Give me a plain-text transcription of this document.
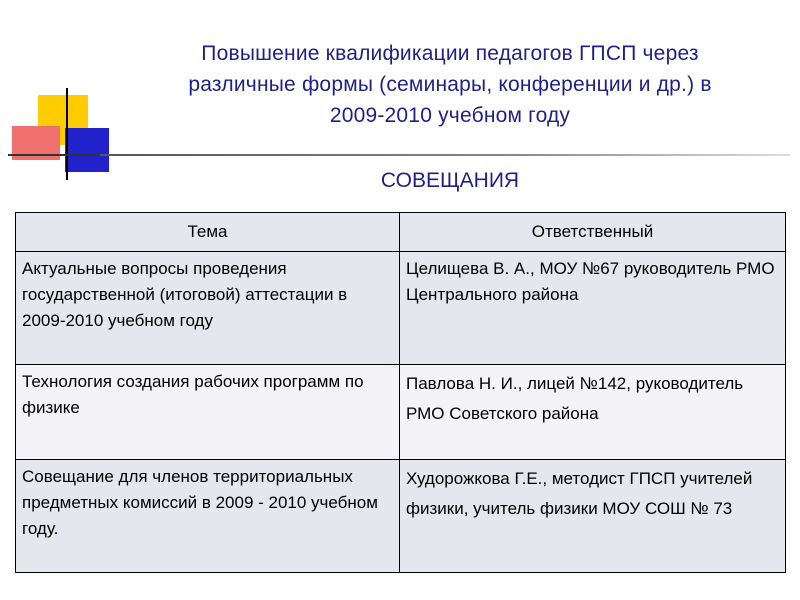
Повышение квалификации педагогов ГПСП через
различные формы (семинары, конференции и др.) в
2009-2010 учебном году
СОВЕЩАНИЯ
Тема	Ответственный
Актуальные вопросы проведения государственной (итоговой) аттестации в 2009-2010 учебном году	Целищева В. А., МОУ №67 руководитель РМО Центрального района
Технология создания рабочих программ по физике	Павлова Н. И., лицей №142, руководитель РМО Советского района
Совещание для членов территориальных предметных комиссий в 2009 - 2010 учебном году.	Худорожкова Г.Е., методист ГПСП учителей физики, учитель физики МОУ СОШ № 73
